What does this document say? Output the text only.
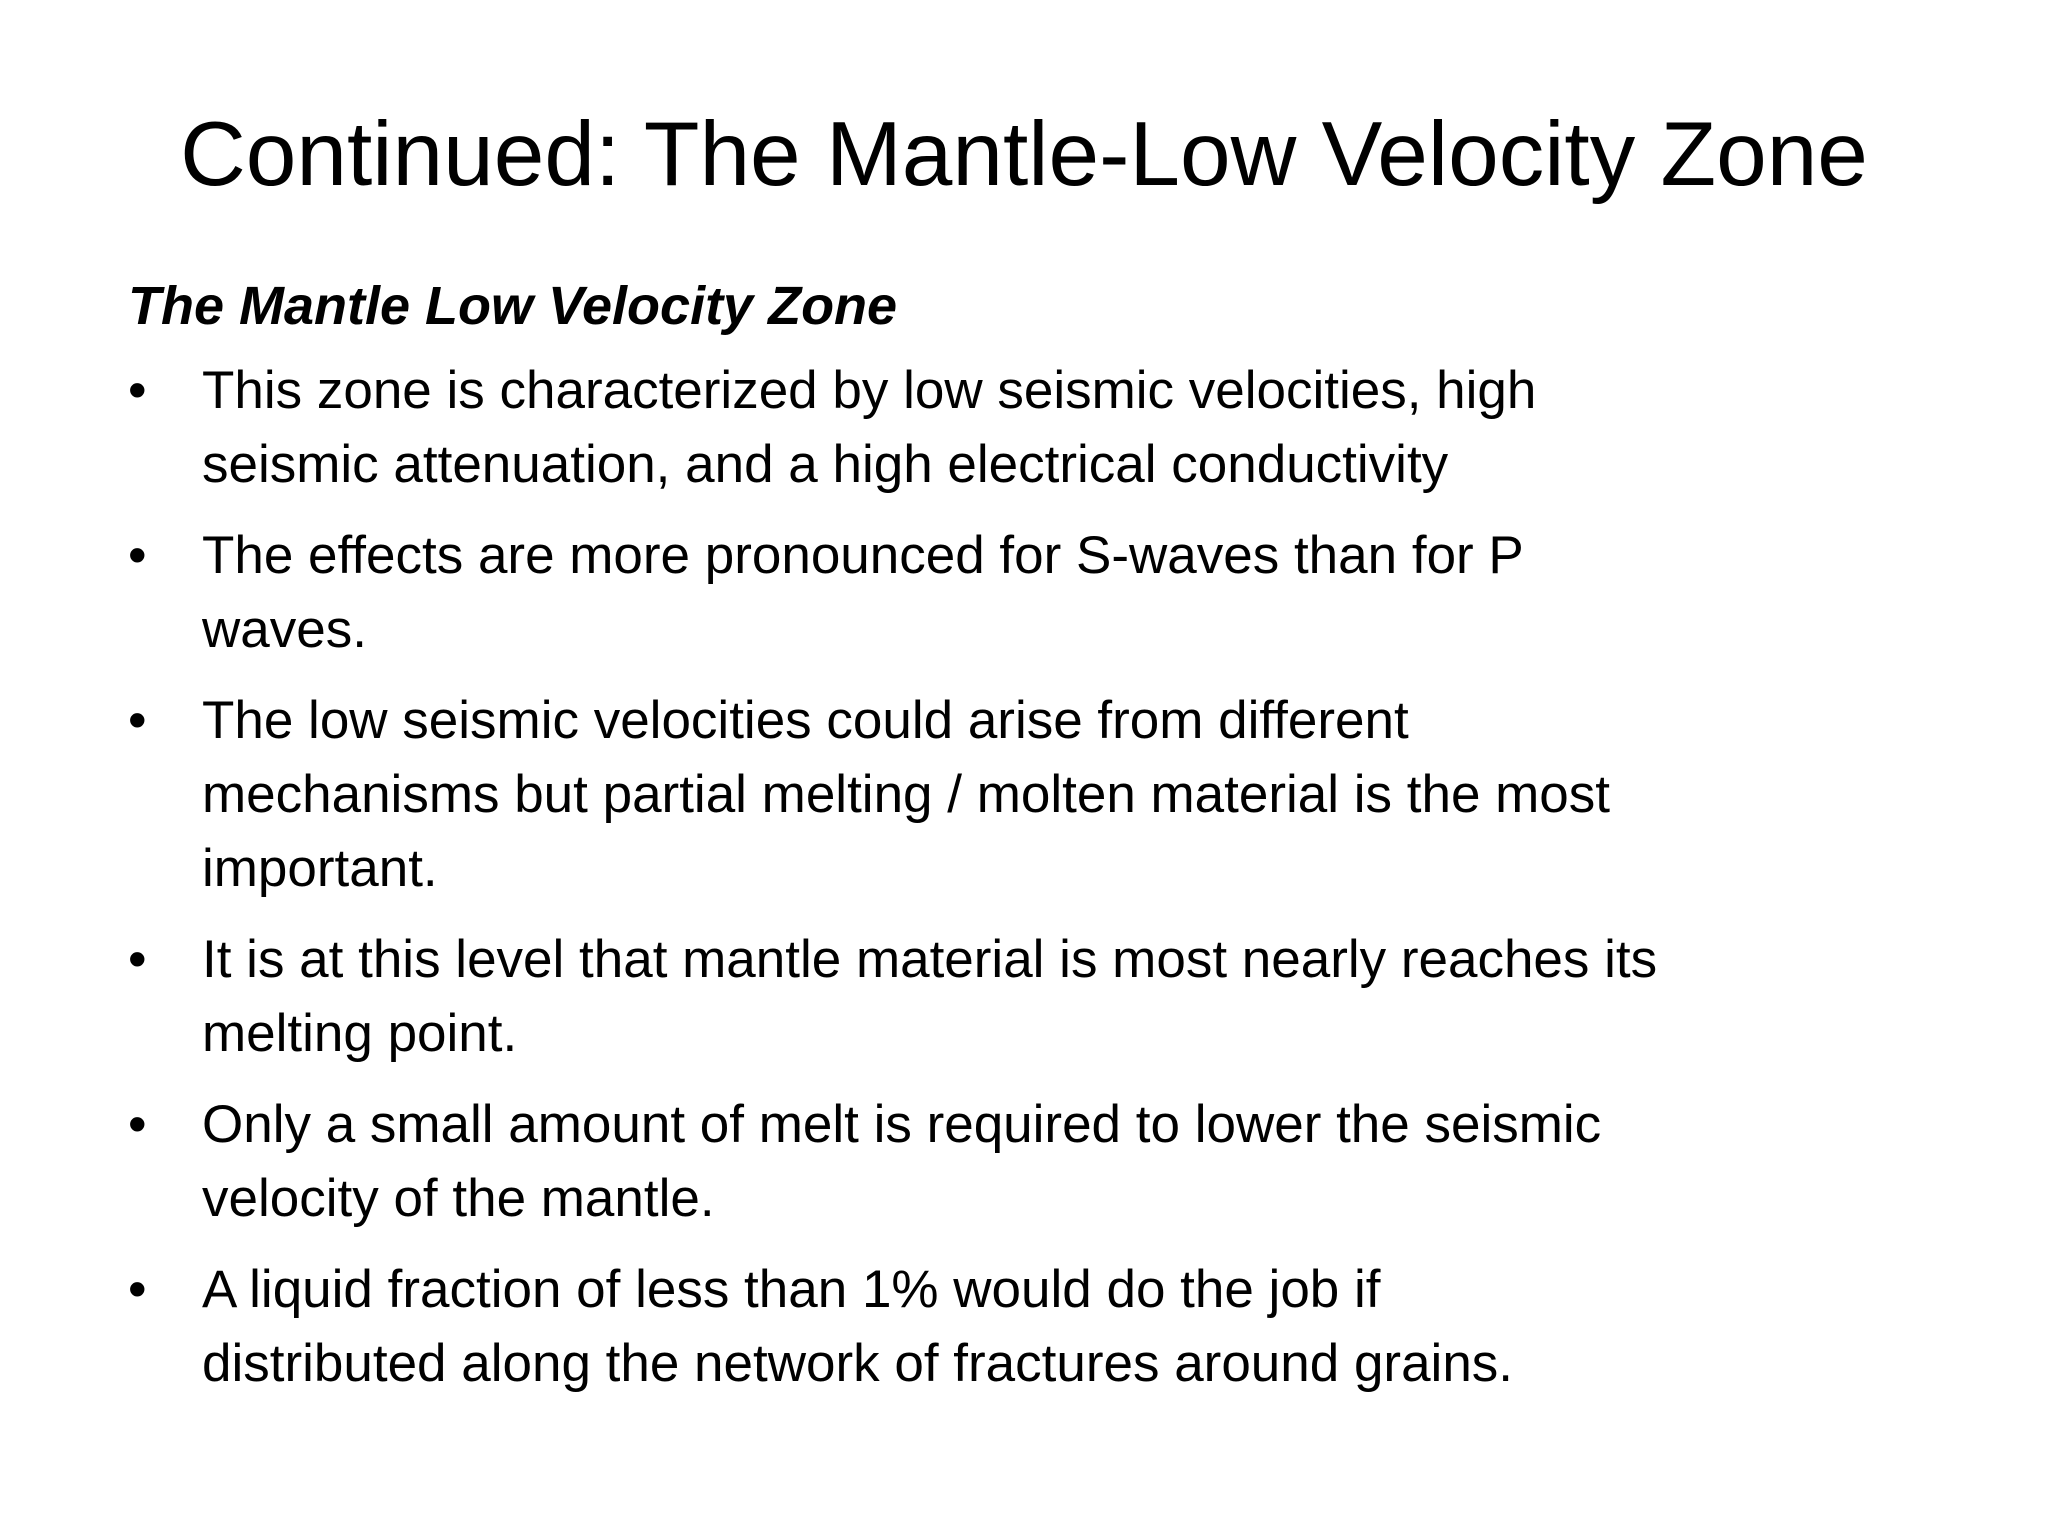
Continued: The Mantle-Low Velocity Zone
The Mantle Low Velocity Zone
•	This zone is characterized by low seismic velocities, high
seismic attenuation, and a high electrical conductivity
•	The effects are more pronounced for S-waves than for P
waves.
•	The low seismic velocities could arise from different
mechanisms but partial melting / molten material is the most
important.
•	It is at this level that mantle material is most nearly reaches its
melting point.
•	Only a small amount of melt is required to lower the seismic
velocity of the mantle.
•	A liquid fraction of less than 1% would do the job if
distributed along the network of fractures around grains.
